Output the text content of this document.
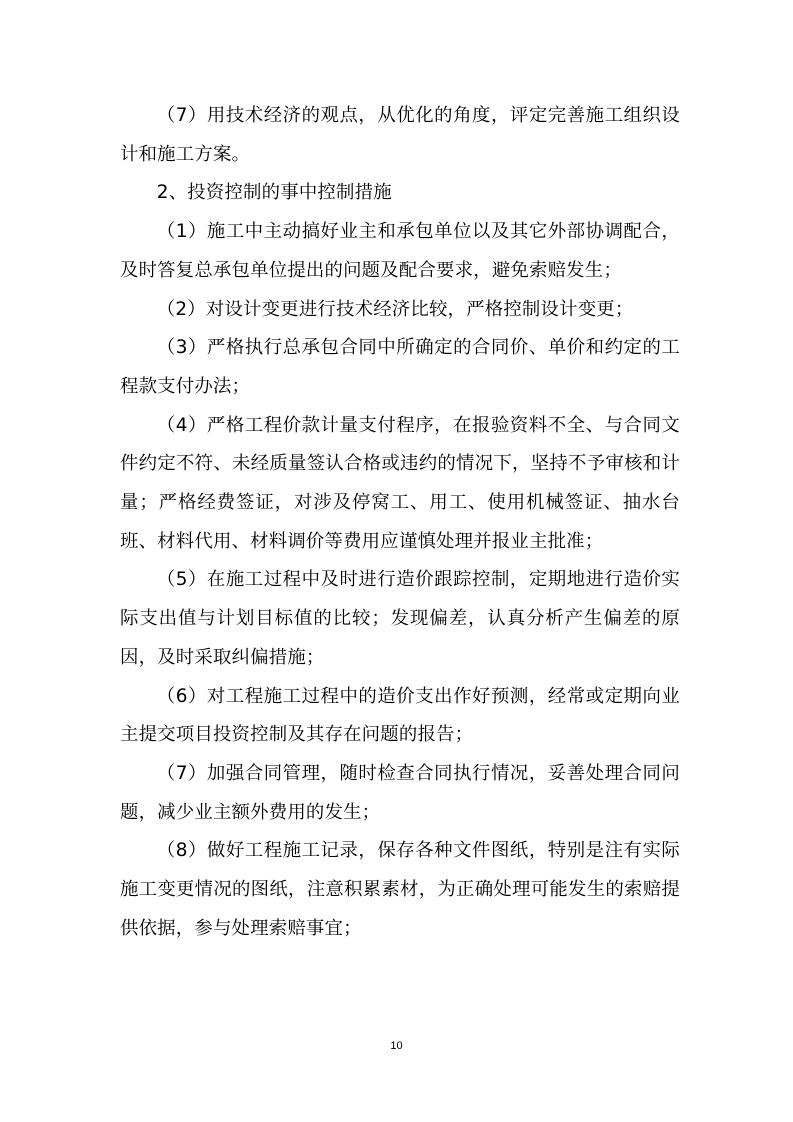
（7）用技术经济的观点，从优化的角度，评定完善施工组织设计和施工方案。

2、投资控制的事中控制措施

（1）施工中主动搞好业主和承包单位以及其它外部协调配合，及时答复总承包单位提出的问题及配合要求，避免索赔发生；

（2）对设计变更进行技术经济比较，严格控制设计变更；

（3）严格执行总承包合同中所确定的合同价、单价和约定的工程款支付办法；

（4）严格工程价款计量支付程序，在报验资料不全、与合同文件约定不符、未经质量签认合格或违约的情况下，坚持不予审核和计量；严格经费签证，对涉及停窝工、用工、使用机械签证、抽水台班、材料代用、材料调价等费用应谨慎处理并报业主批准；

（5）在施工过程中及时进行造价跟踪控制，定期地进行造价实际支出值与计划目标值的比较；发现偏差，认真分析产生偏差的原因，及时采取纠偏措施；

（6）对工程施工过程中的造价支出作好预测，经常或定期向业主提交项目投资控制及其存在问题的报告；

（7）加强合同管理，随时检查合同执行情况，妥善处理合同问题，减少业主额外费用的发生；

（8）做好工程施工记录，保存各种文件图纸，特别是注有实际施工变更情况的图纸，注意积累素材，为正确处理可能发生的索赔提供依据，参与处理索赔事宜；

10
